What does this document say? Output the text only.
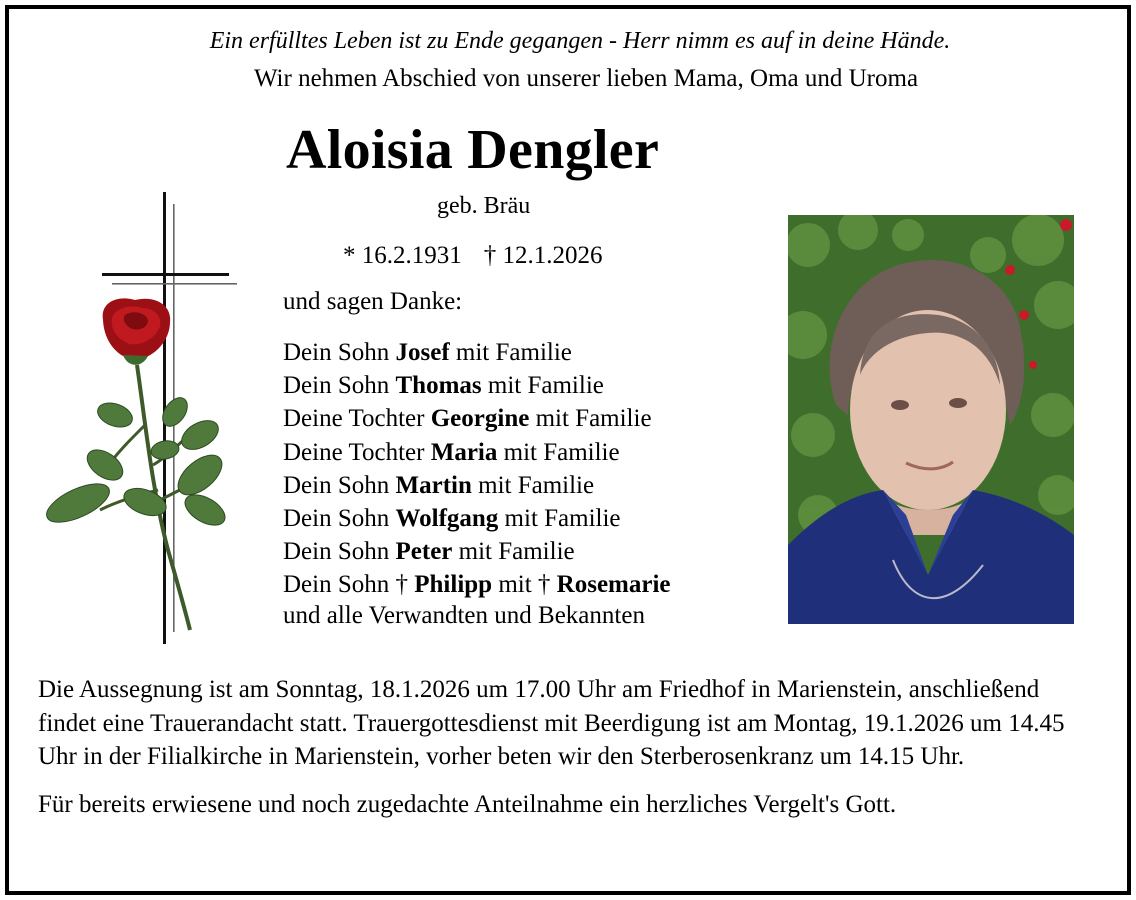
Ein erfülltes Leben ist zu Ende gegangen - Herr nimm es auf in deine Hände.
Wir nehmen Abschied von unserer lieben Mama, Oma und Uroma
Aloisia Dengler
geb. Bräu
* 16.2.1931 † 12.1.2026
und sagen Danke:
Dein Sohn Josef mit Familie
Dein Sohn Thomas mit Familie
Deine Tochter Georgine mit Familie
Deine Tochter Maria mit Familie
Dein Sohn Martin mit Familie
Dein Sohn Wolfgang mit Familie
Dein Sohn Peter mit Familie
Dein Sohn † Philipp mit † Rosemarie
und alle Verwandten und Bekannten

Die Aussegnung ist am Sonntag, 18.1.2026 um 17.00 Uhr am Friedhof in Marienstein, anschließend findet eine Trauerandacht statt. Trauergottesdienst mit Beerdigung ist am Montag, 19.1.2026 um 14.45 Uhr in der Filialkirche in Marienstein, vorher beten wir den Sterberosenkranz um 14.15 Uhr.

Für bereits erwiesene und noch zugedachte Anteilnahme ein herzliches Vergelt's Gott.
